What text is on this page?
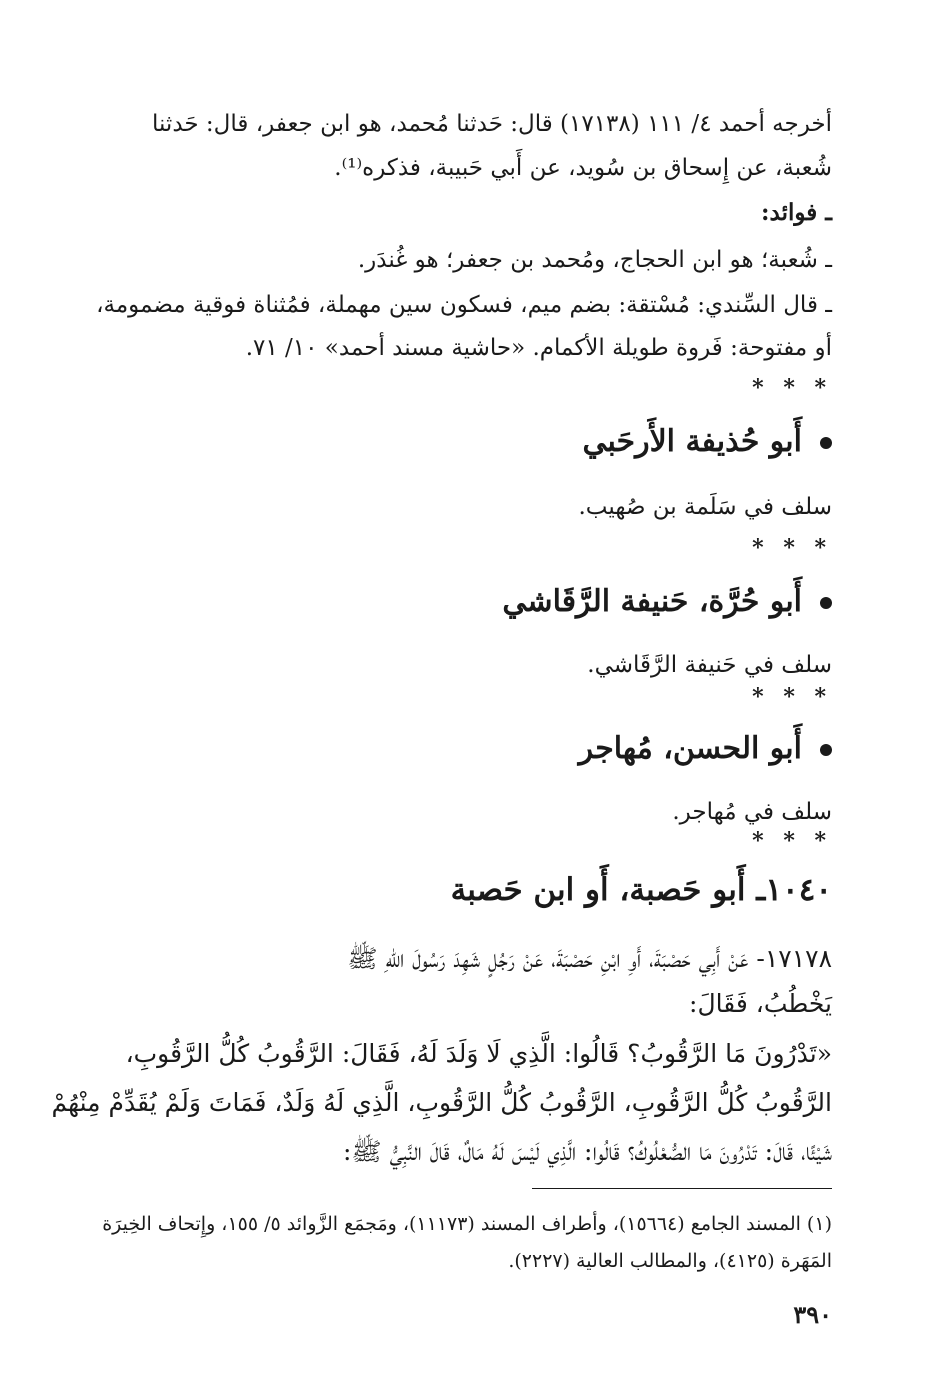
أخرجه أحمد ٤/ ١١١ (١٧١٣٨) قال: حَدثنا مُحمد، هو ابن جعفر، قال: حَدثنا
شُعبة، عن إِسحاق بن سُويد، عن أَبي حَبيبة، فذكره⁽¹⁾.
ـ فوائد:
ـ شُعبة؛ هو ابن الحجاج، ومُحمد بن جعفر؛ هو غُندَر.
ـ قال السِّندي: مُسْتقة: بضم ميم، فسكون سين مهملة، فمُثناة فوقية مضمومة،
أو مفتوحة: فَروة طويلة الأكمام. «حاشية مسند أحمد» ١٠/ ٧١.
* * *
أَبو حُذيفة الأَرحَبي
سلف في سَلَمة بن صُهيب.
* * *
أَبو حُرَّة، حَنيفة الرَّقَاشي
سلف في حَنيفة الرَّقَاشي.
* * *
أَبو الحسن، مُهاجر
سلف في مُهاجر.
* * *
١٠٤٠ـ أَبو حَصبة، أَو ابن حَصبة
١٧١٧٨- عَنْ أَبِي حَصْبَةَ، أَوِ ابْنِ حَصْبَةَ، عَنْ رَجُلٍ شَهِدَ رَسُولَ اللهِ ﷺ
يَخْطُبُ، فَقَالَ:
«تَدْرُونَ مَا الرَّقُوبُ؟ قَالُوا: الَّذِي لَا وَلَدَ لَهُ، فَقَالَ: الرَّقُوبُ كُلُّ الرَّقُوبِ،
الرَّقُوبُ كُلُّ الرَّقُوبِ، الرَّقُوبُ كُلُّ الرَّقُوبِ، الَّذِي لَهُ وَلَدٌ، فَمَاتَ وَلَمْ يُقَدِّمْ مِنْهُمْ
شَيْئًا، قَالَ: تَدْرُونَ مَا الصُّعْلُوكُ؟ قَالُوا: الَّذِي لَيْسَ لَهُ مَالٌ، قَالَ النَّبِيُّ ﷺ:
(١) المسند الجامع (١٥٦٦٤)، وأطراف المسند (١١١٧٣)، ومَجمَع الزَّوائد ٥/ ١٥٥، وإِتحاف الخِيرَة
المَهَرة (٤١٢٥)، والمطالب العالية (٢٢٢٧).
٣٩٠
